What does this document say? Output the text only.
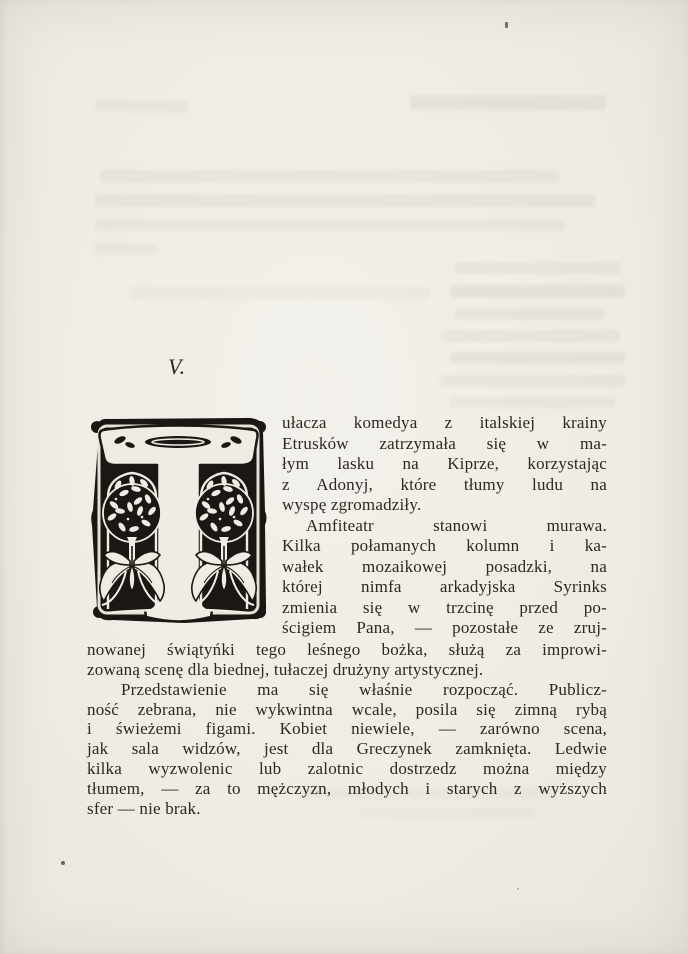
V.
ułacza komedya z italskiej krainy
Etrusków zatrzymała się w ma-
łym lasku na Kiprze, korzystając
z Adonyj, które tłumy ludu na
wyspę zgromadziły.
Amfiteatr stanowi murawa.
Kilka połamanych kolumn i ka-
wałek mozaikowej posadzki, na
której nimfa arkadyjska Syrinks
zmienia się w trzcinę przed po-
ścigiem Pana, — pozostałe ze zruj-
nowanej świątyńki tego leśnego bożka, służą za improwi-
zowaną scenę dla biednej, tułaczej drużyny artystycznej.
Przedstawienie ma się właśnie rozpocząć. Publicz-
ność zebrana, nie wykwintna wcale, posila się zimną rybą
i świeżemi figami. Kobiet niewiele, — zarówno scena,
jak sala widzów, jest dla Greczynek zamknięta. Ledwie
kilka wyzwolenic lub zalotnic dostrzedz można między
tłumem, — za to mężczyzn, młodych i starych z wyższych
sfer — nie brak.
